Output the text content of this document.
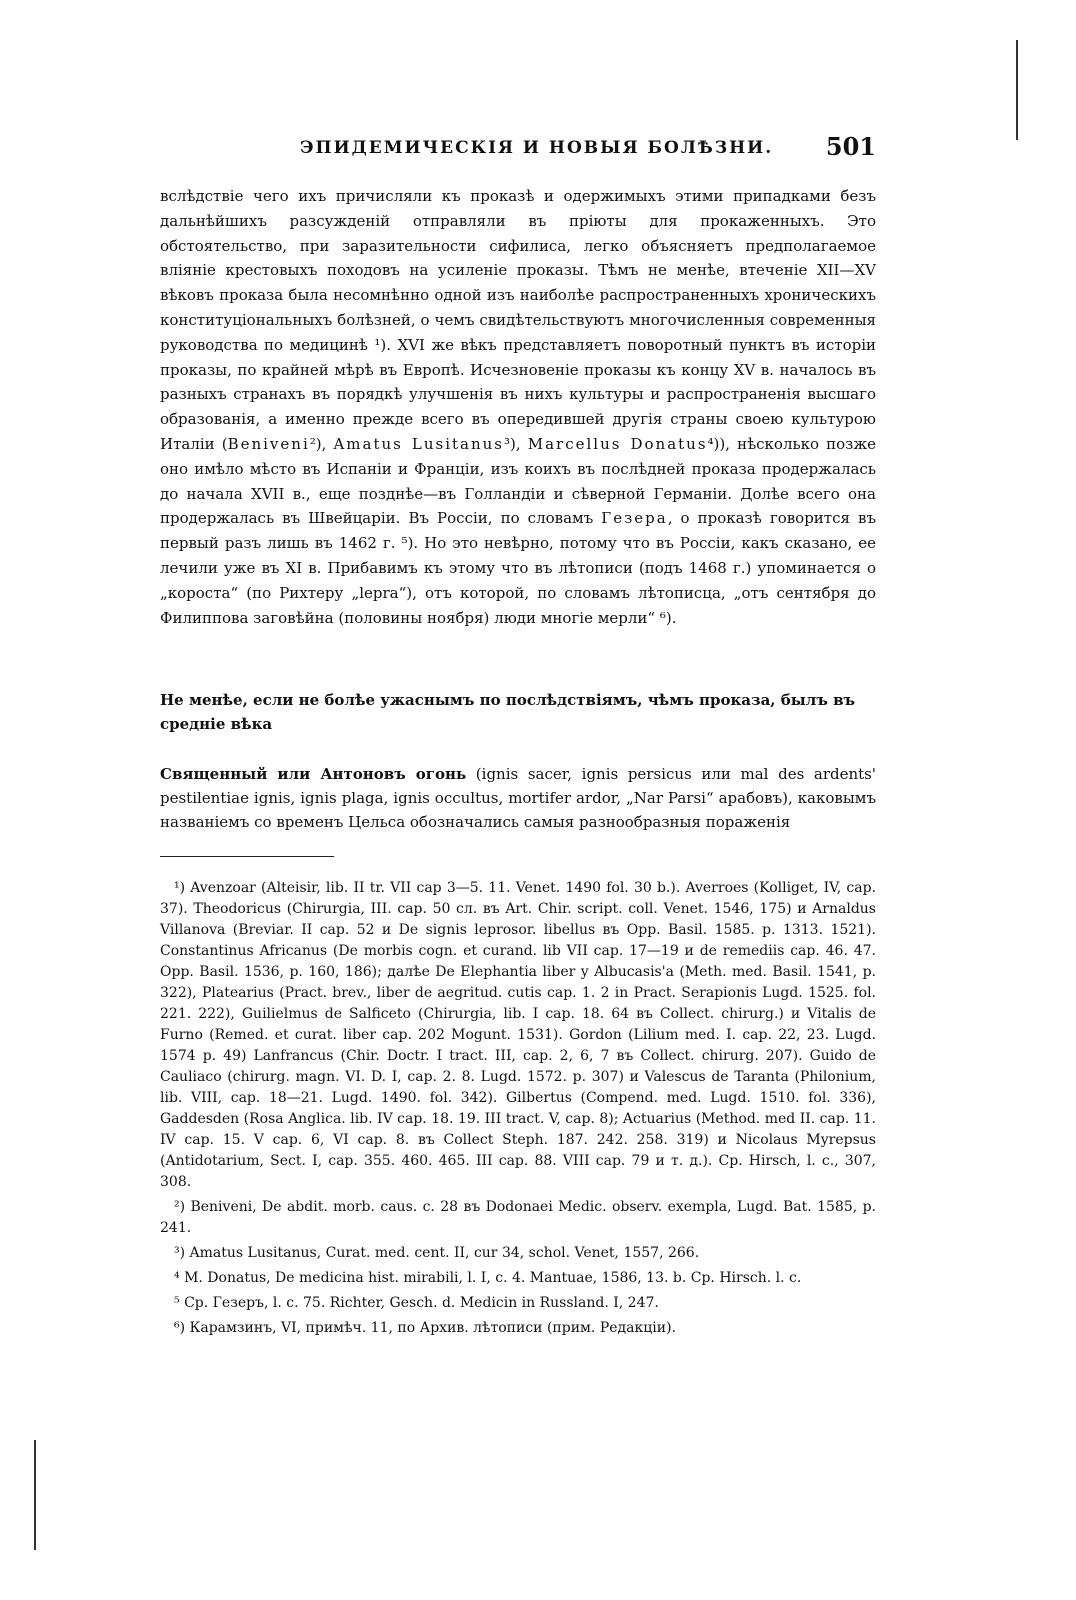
ЭПИДЕМИЧЕСКІЯ И НОВЫЯ БОЛѢЗНИ. 501

вслѣдствіе чего ихъ причисляли къ проказѣ и одержимыхъ этими припадками безъ дальнѣйшихъ разсужденій отправляли въ пріюты для прокаженныхъ. Это обстоятельство, при заразительности сифилиса, легко объясняетъ предполагаемое вліяніе крестовыхъ походовъ на усиленіе проказы. Тѣмъ не менѣе, втеченіе XII—XV вѣковъ проказа была несомнѣнно одной изъ наиболѣе распространенныхъ хроническихъ конституціональныхъ болѣзней, о чемъ свидѣтельствуютъ многочисленныя современныя руководства по медицинѣ ¹). XVI же вѣкъ представляетъ поворотный пунктъ въ исторіи проказы, по крайней мѣрѣ въ Европѣ. Исчезновеніе проказы къ концу XV в. началось въ разныхъ странахъ въ порядкѣ улучшенія въ нихъ культуры и распространенія высшаго образованія, а именно прежде всего въ опередившей другія страны своею культурою Италіи (Benivenі²), Amatus Lusitanus³), Marcellus Donatus⁴)), нѣсколько позже оно имѣло мѣсто въ Испаніи и Франціи, изъ коихъ въ послѣдней проказа продержалась до начала XVII в., еще позднѣе—въ Голландіи и сѣверной Германіи. Долѣе всего она продержалась въ Швейцаріи. Въ Россіи, по словамъ Гезера, о проказѣ говорится въ первый разъ лишь въ 1462 г. ⁵). Но это невѣрно, потому что въ Россіи, какъ сказано, ее лечили уже въ XI в. Прибавимъ къ этому что въ лѣтописи (подъ 1468 г.) упоминается о „короста“ (по Рихтеру „lepra“), отъ которой, по словамъ лѣтописца, „отъ сентября до Филиппова заговѣйна (половины ноября) люди многіе мерли“ ⁶).

Не менѣе, если не болѣе ужаснымъ по послѣдствіямъ, чѣмъ проказа, былъ въ средніе вѣка

Священный или Антоновъ огонь (ignis sacer, ignis persicus или mal des ardents' pestilentiae ignis, ignis plaga, ignis occultus, mortifer ardor, „Nar Parsi“ арабовъ), каковымъ названіемъ со временъ Цельса обозначались самыя разнообразныя пораженія

¹) Avenzoar (Alteisir, lib. II tr. VII cap 3—5. 11. Venet. 1490 fol. 30 b.). Averroes (Kolliget, IV, cap. 37). Theodoricus (Chirurgia, III. cap. 50 сл. въ Art. Chir. script. coll. Venet. 1546, 175) и Arnaldus Villanova (Breviar. II cap. 52 и De signis leprosor. libellus въ Opp. Basil. 1585. p. 1313. 1521). Constantinus Africanus (De morbis cogn. et curand. lib VII cap. 17—19 и de remediis cap. 46. 47. Opp. Basil. 1536, p. 160, 186); далѣе De Elephantia liber y Albucasis'а (Meth. med. Basil. 1541, p. 322), Platearius (Pract. brev., liber de aegritud. cutis cap. 1. 2 in Pract. Serapionis Lugd. 1525. fol. 221. 222), Guilielmus de Salficeto (Chirurgia, lib. I cap. 18. 64 въ Collect. chirurg.) и Vitalis de Furno (Remed. et curat. liber cap. 202 Mogunt. 1531). Gordon (Lilium med. I. cap. 22, 23. Lugd. 1574 p. 49) Lanfrancus (Chir. Doctr. I tract. III, cap. 2, 6, 7 въ Collect. chirurg. 207). Guido de Cauliaco (chirurg. magn. VI. D. I, cap. 2. 8. Lugd. 1572. p. 307) и Valescus de Taranta (Philonium, lib. VIII, cap. 18—21. Lugd. 1490. fol. 342). Gilbertus (Compend. med. Lugd. 1510. fol. 336), Gaddesden (Rosa Anglica. lib. IV cap. 18. 19. III tract. V, cap. 8); Actuarius (Method. med II. cap. 11. IV cap. 15. V cap. 6, VI cap. 8. въ Collect Steph. 187. 242. 258. 319) и Nicolaus Myrepsus (Antidotarium, Sect. I, cap. 355. 460. 465. III cap. 88. VIII cap. 79 и т. д.). Ср. Hirsch, l. c., 307, 308.

²) Benivenі, De abdit. morb. caus. c. 28 въ Dodonaei Medic. observ. exempla, Lugd. Bat. 1585, p. 241.

³) Amatus Lusitanus, Curat. med. cent. II, cur 34, schol. Venet, 1557, 266.

⁴ M. Donatus, De medicina hist. mirabili, l. I, c. 4. Mantuae, 1586, 13. b. Cp. Hirsch. l. c.

⁵ Ср. Гезеръ, l. c. 75. Richter, Gesch. d. Medicin in Russland. I, 247.

⁶) Карамзинъ, VI, примѣч. 11, по Архив. лѣтописи (прим. Редакціи).
